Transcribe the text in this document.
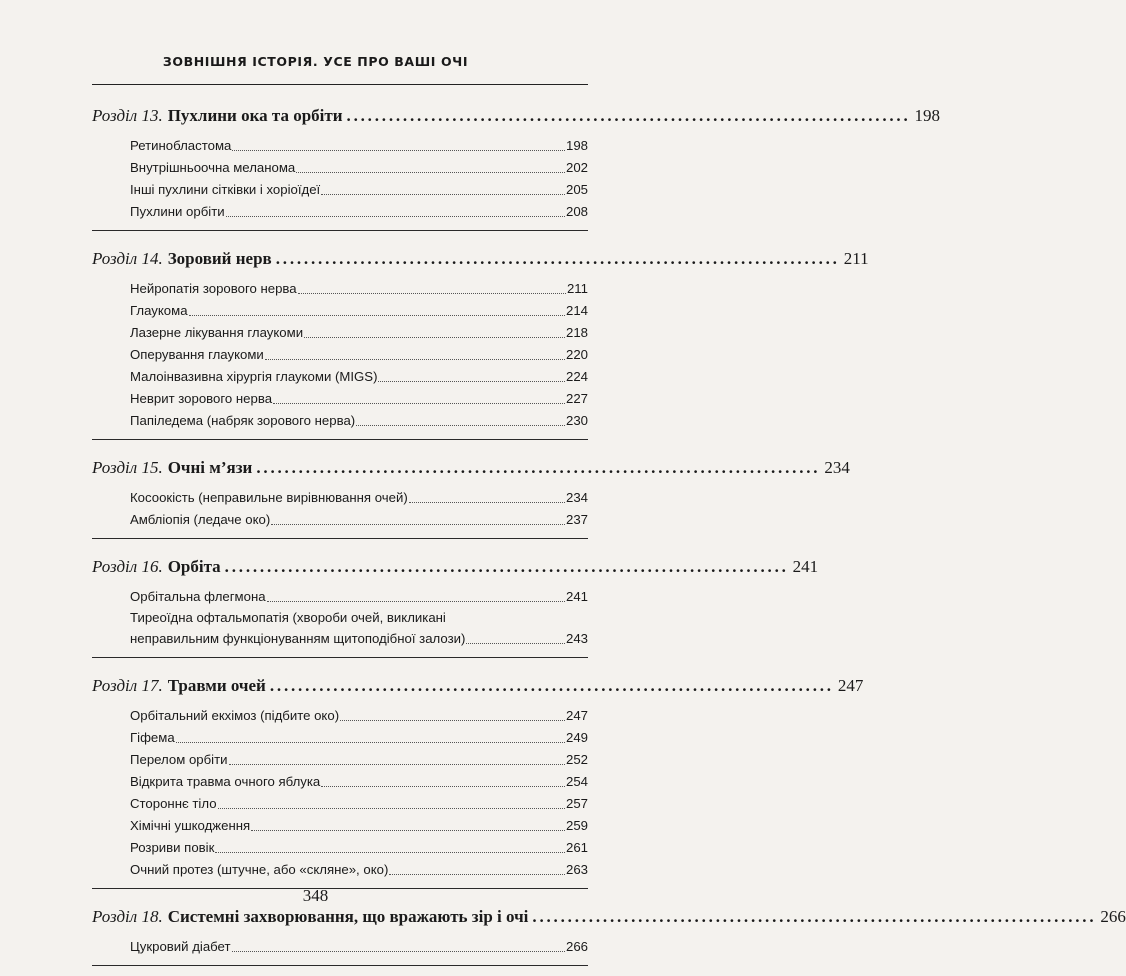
ЗОВНІШНЯ ІСТОРІЯ. УСЕ ПРО ВАШІ ОЧІ
Розділ 13. Пухлини ока та орбіти ................................................................................ 198
Ретинобластома	198
Внутрішньоочна меланома	202
Інші пухлини сітківки і хоріоїдеї	205
Пухлини орбіти	208
Розділ 14. Зоровий нерв ................................................................................ 211
Нейропатія зорового нерва	211
Глаукома	214
Лазерне лікування глаукоми	218
Оперування глаукоми	220
Малоінвазивна хірургія глаукоми (MIGS)	224
Неврит зорового нерва	227
Папіледема (набряк зорового нерва)	230
Розділ 15. Очні м’язи ................................................................................ 234
Косоокість (неправильне вирівнювання очей)	234
Амбліопія (ледаче око)	237
Розділ 16. Орбіта ................................................................................ 241
Орбітальна флегмона	241
Тиреоїдна офтальмопатія (хвороби очей, викликані
неправильним функціонуванням щитоподібної залози)	243
Розділ 17. Травми очей ................................................................................ 247
Орбітальний екхімоз (підбите око)	247
Гіфема	249
Перелом орбіти	252
Відкрита травма очного яблука	254
Стороннє тіло	257
Хімічні ушкодження	259
Розриви повік	261
Очний протез (штучне, або «скляне», око)	263
Розділ 18. Системні захворювання, що вражають зір і очі ................................................................................ 266
Цукровий діабет	266
348
